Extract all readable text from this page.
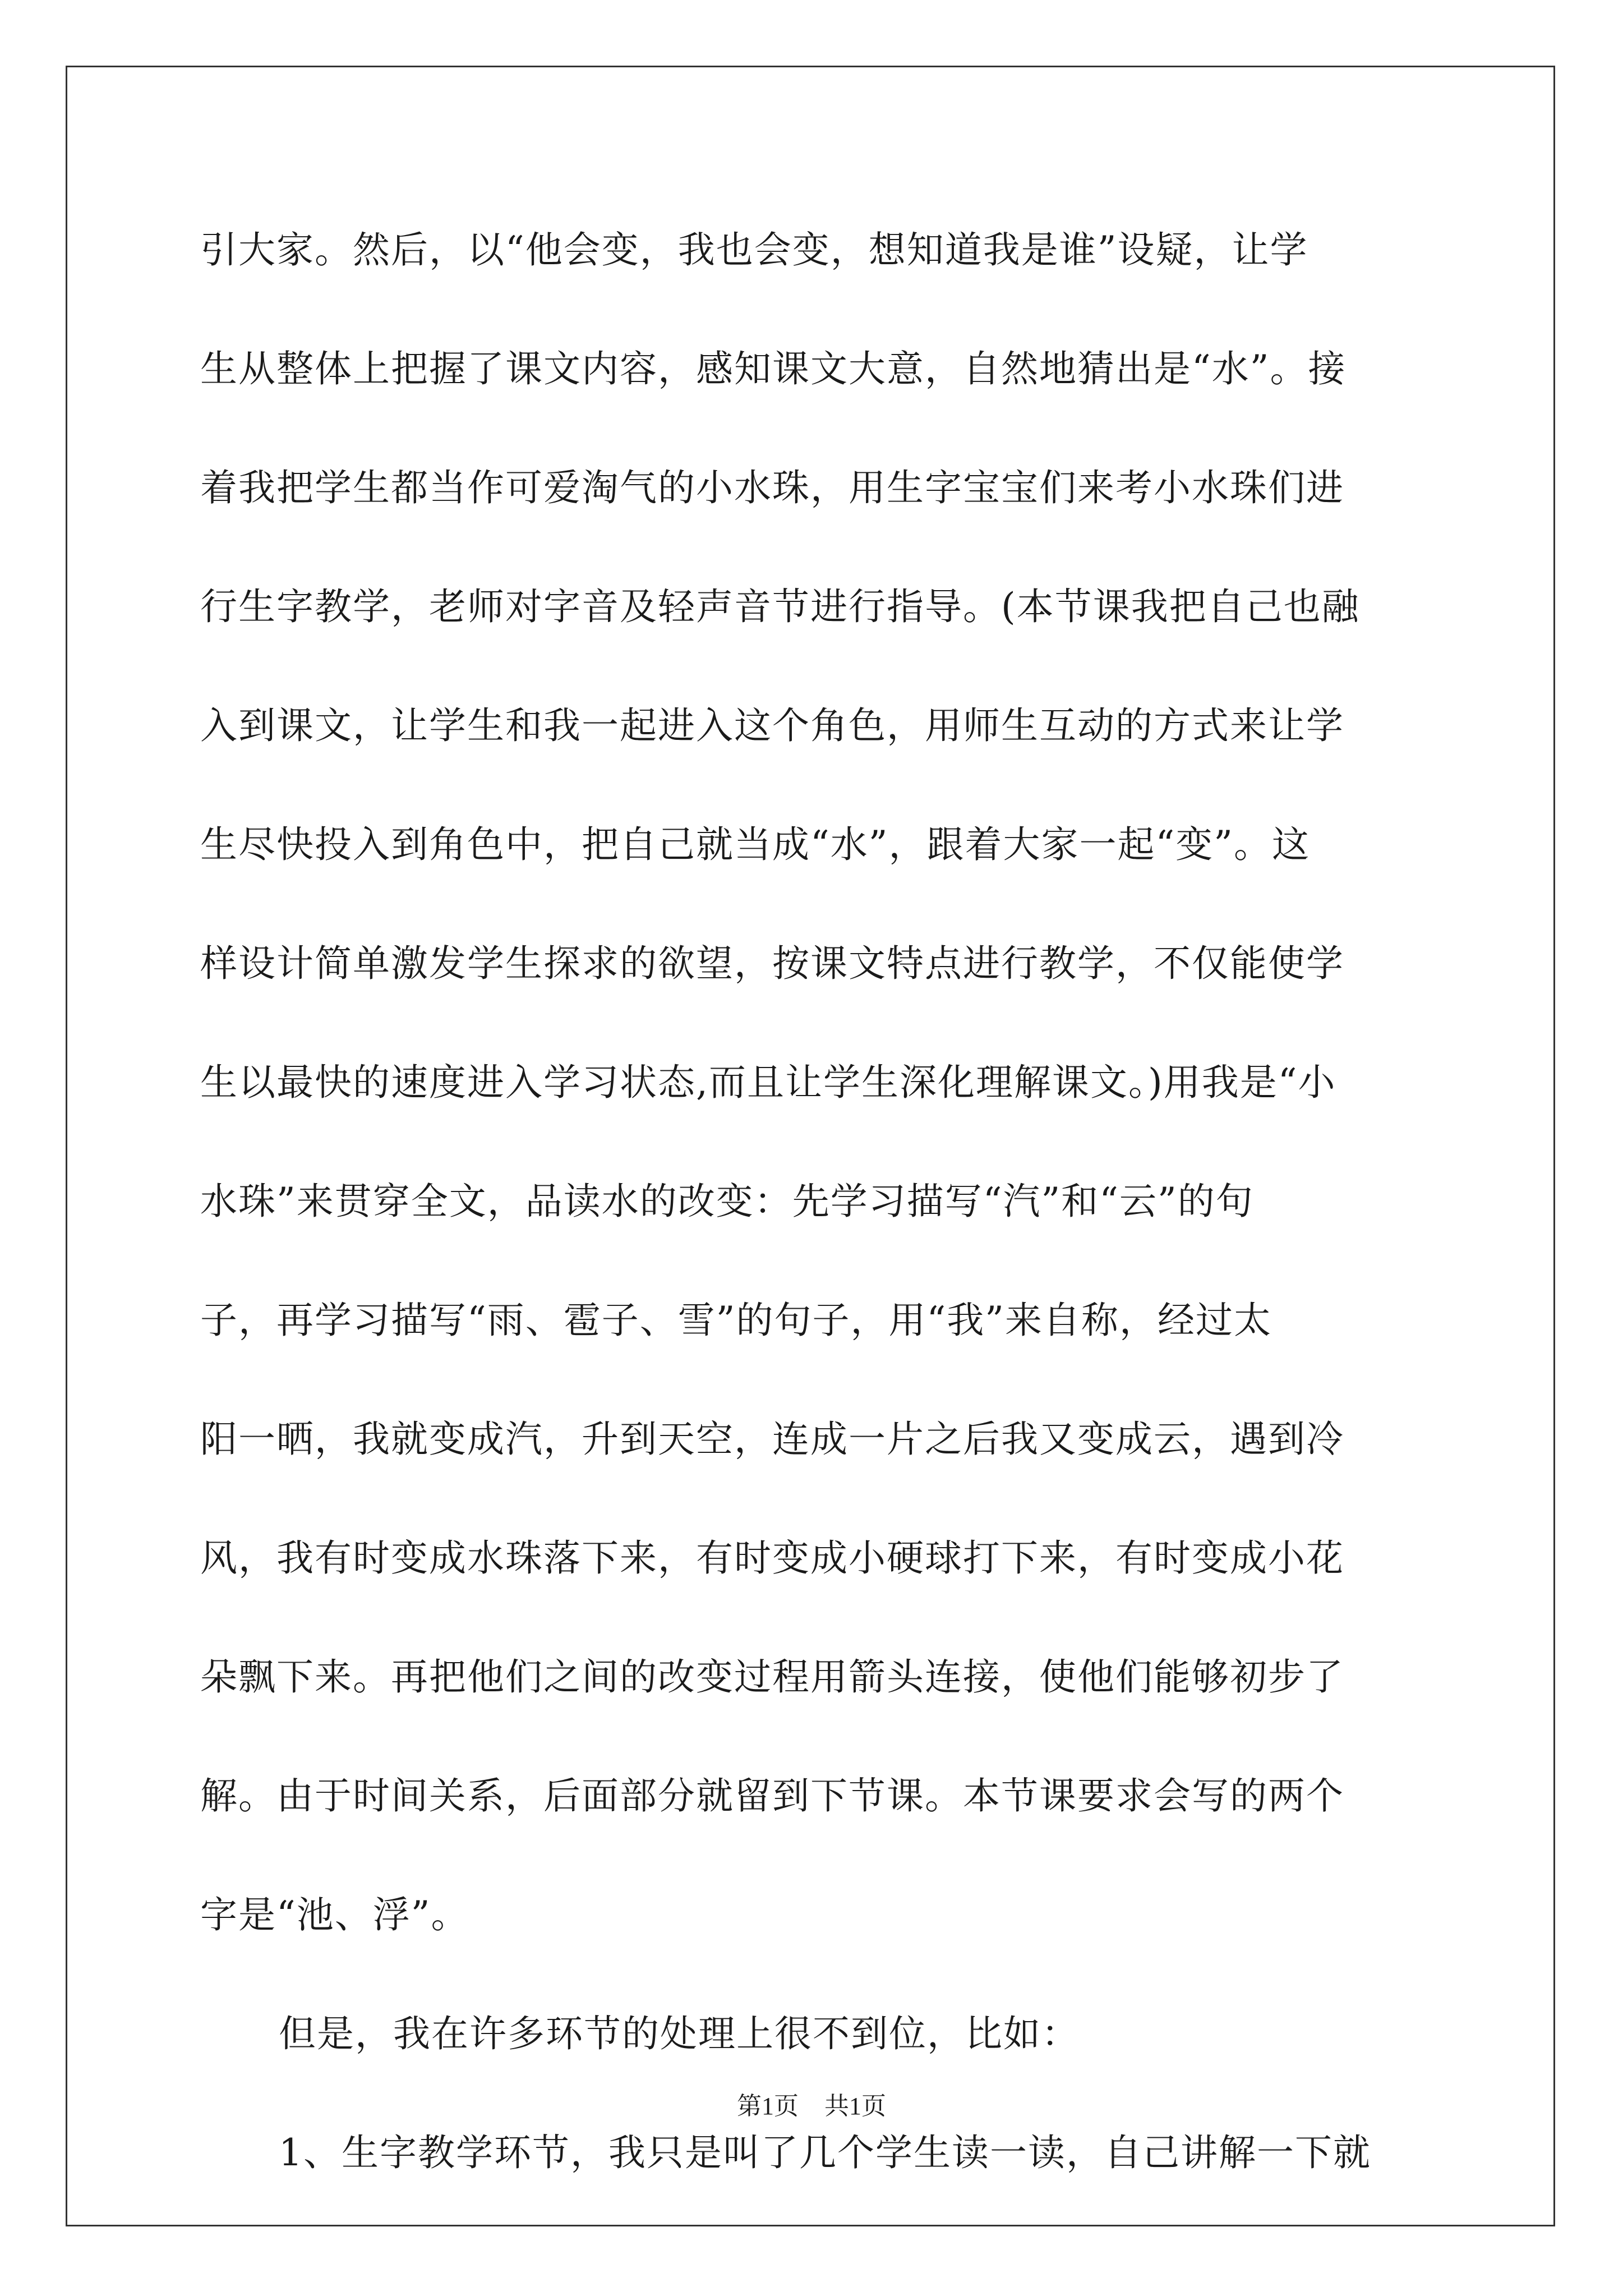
引大家。然后，以“他会变，我也会变，想知道我是谁”设疑，让学
生从整体上把握了课文内容，感知课文大意，自然地猜出是“水”。接
着我把学生都当作可爱淘气的小水珠，用生字宝宝们来考小水珠们进
行生字教学，老师对字音及轻声音节进行指导。(本节课我把自己也融
入到课文，让学生和我一起进入这个角色，用师生互动的方式来让学
生尽快投入到角色中，把自己就当成“水”，跟着大家一起“变”。这
样设计简单激发学生探求的欲望，按课文特点进行教学，不仅能使学
生以最快的速度进入学习状态,而且让学生深化理解课文。)用我是“小
水珠”来贯穿全文，品读水的改变：先学习描写“汽”和“云”的句
子，再学习描写“雨、雹子、雪”的句子，用“我”来自称，经过太
阳一晒，我就变成汽，升到天空，连成一片之后我又变成云，遇到冷
风，我有时变成水珠落下来，有时变成小硬球打下来，有时变成小花
朵飘下来。再把他们之间的改变过程用箭头连接，使他们能够初步了
解。由于时间关系，后面部分就留到下节课。本节课要求会写的两个
字是“池、浮”。
但是，我在许多环节的处理上很不到位，比如：
1、生字教学环节，我只是叫了几个学生读一读，自己讲解一下就
第1页 共1页
